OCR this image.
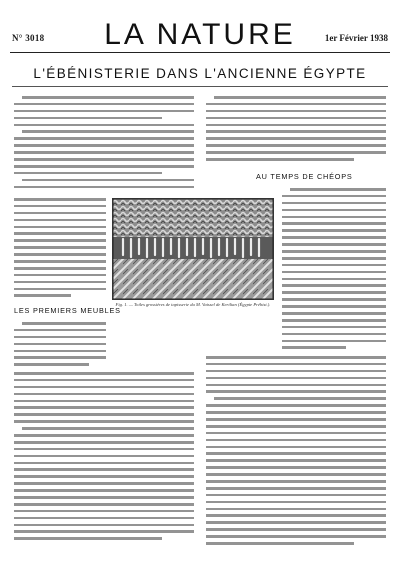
N° 3018	LA NATURE	1er Février 1938
L'ÉBÉNISTERIE DANS L'ANCIENNE ÉGYPTE
LES PREMIERS MEUBLES
AU TEMPS DE CHÉOPS
Fig. 1. — Toiles grossières de tapisserie du M. Vaissel de Kerilian (Égypte Préhist.).
